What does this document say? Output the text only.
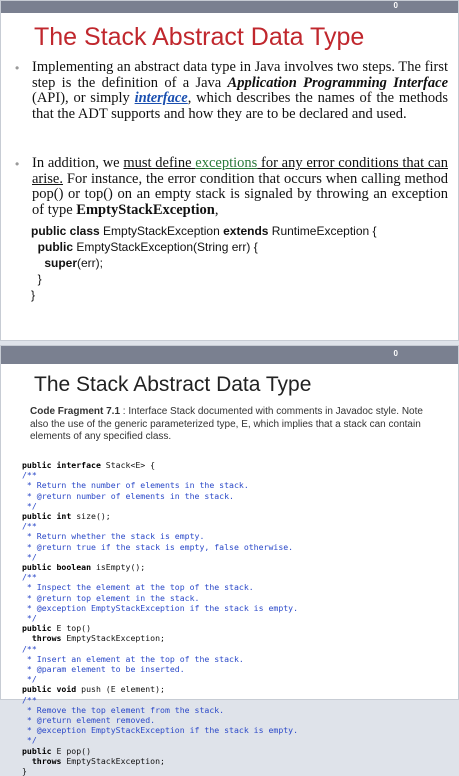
0
The Stack Abstract Data Type
• Implementing an abstract data type in Java involves two steps. The first step is the definition of a Java Application Programming Interface (API), or simply interface, which describes the names of the methods that the ADT supports and how they are to be declared and used.
• In addition, we must define exceptions for any error conditions that can arise. For instance, the error condition that occurs when calling method pop() or top() on an empty stack is signaled by throwing an exception of type EmptyStackException,
public class EmptyStackException extends RuntimeException {
public EmptyStackException(String err) {
super(err);
}
}
0
The Stack Abstract Data Type
Code Fragment 7.1 : Interface Stack documented with comments in Javadoc style. Note also the use of the generic parameterized type, E, which implies that a stack can contain elements of any specified class.
public interface Stack<E> {
/**
* Return the number of elements in the stack.
* @return number of elements in the stack.
*/
public int size();
/**
* Return whether the stack is empty.
* @return true if the stack is empty, false otherwise.
*/
public boolean isEmpty();
/**
* Inspect the element at the top of the stack.
* @return top element in the stack.
* @exception EmptyStackException if the stack is empty.
*/
public E top()
throws EmptyStackException;
/**
* Insert an element at the top of the stack.
* @param element to be inserted.
*/
public void push (E element);
/**
* Remove the top element from the stack.
* @return element removed.
* @exception EmptyStackException if the stack is empty.
*/
public E pop()
throws EmptyStackException;
}
